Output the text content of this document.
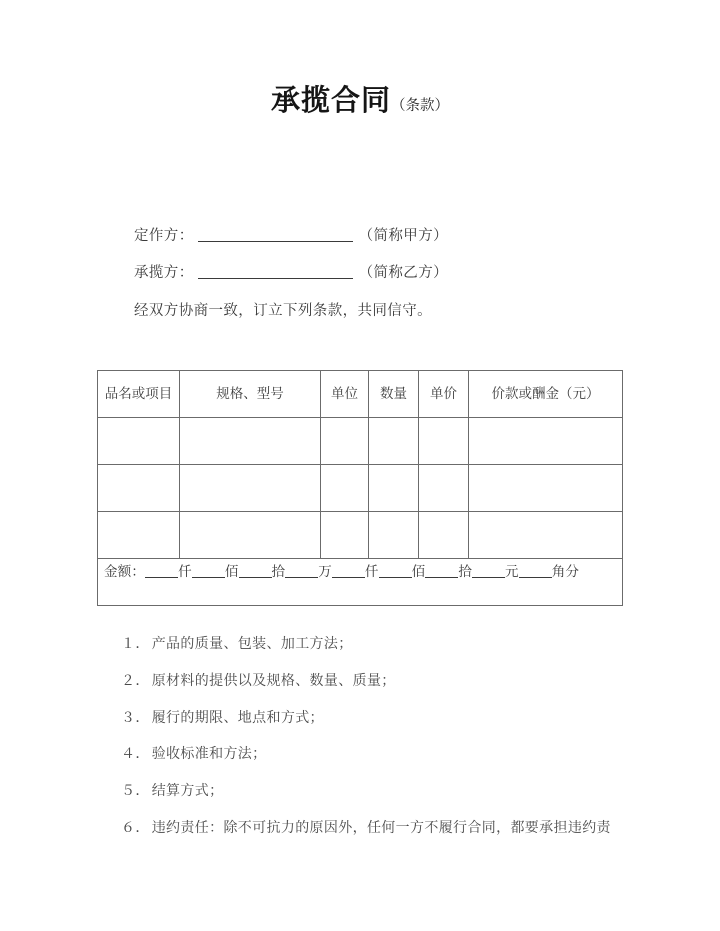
承揽合同（条款）
定作方：	（简称甲方）
承揽方：	（简称乙方）
经双方协商一致，订立下列条款，共同信守。
品名或项目	规格、型号	单位	数量	单价	价款或酬金（元）

金额： 仟 佰 拾 万 仟 佰 拾 元 角分					
１． 产品的质量、包装、加工方法；
２． 原材料的提供以及规格、数量、质量；
３． 履行的期限、地点和方式；
４． 验收标准和方法；
５． 结算方式；
６． 违约责任：除不可抗力的原因外，任何一方不履行合同，都要承担违约责
